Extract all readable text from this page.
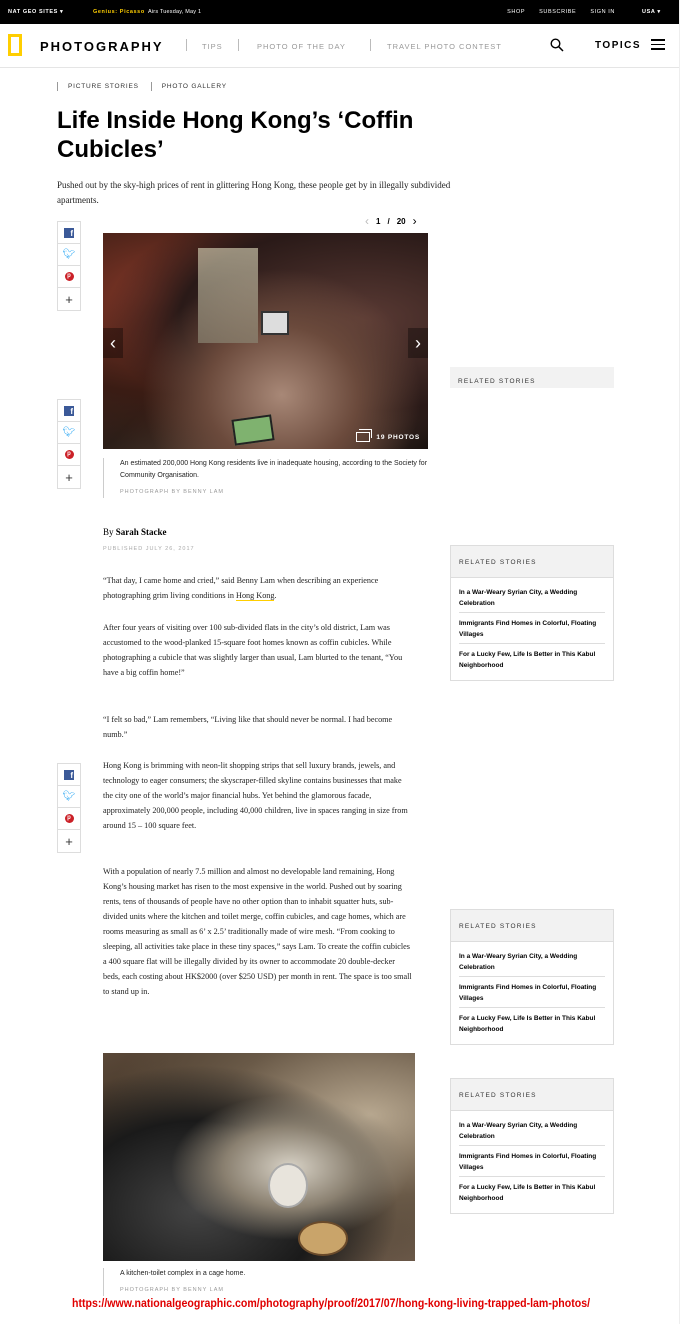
NAT GEO SITES ▾	Genius: Picasso Airs Tuesday, May 1	SHOP	SUBSCRIBE	SIGN IN	USA ▾
PHOTOGRAPHY	TIPS	PHOTO OF THE DAY	TRAVEL PHOTO CONTEST	TOPICS
PICTURE STORIES	PHOTO GALLERY
Life Inside Hong Kong’s ‘Coffin Cubicles’

Pushed out by the sky-high prices of rent in glittering Hong Kong, these people get by in illegally subdivided apartments.

‹ 1 / 20 ›
f
🐦︎
p
+
f
🐦︎
p
+
f
🐦︎
p
+
‹	›
19 PHOTOS

An estimated 200,000 Hong Kong residents live in inadequate housing, according to the Society for Community Organisation.

PHOTOGRAPH BY BENNY LAM

RELATED STORIES
By Sarah Stacke
PUBLISHED JULY 26, 2017

“That day, I came home and cried,” said Benny Lam when describing an experience photographing grim living conditions in Hong Kong.

After four years of visiting over 100 sub-divided flats in the city’s old district, Lam was accustomed to the wood-planked 15-square foot homes known as coffin cubicles. While photographing a cubicle that was slightly larger than usual, Lam blurted to the tenant, “You have a big coffin home!”

“I felt so bad,” Lam remembers, “Living like that should never be normal. I had become numb.”

Hong Kong is brimming with neon-lit shopping strips that sell luxury brands, jewels, and technology to eager consumers; the skyscraper-filled skyline contains businesses that make the city one of the world’s major financial hubs. Yet behind the glamorous facade, approximately 200,000 people, including 40,000 children, live in spaces ranging in size from around 15 – 100 square feet.

With a population of nearly 7.5 million and almost no developable land remaining, Hong Kong’s housing market has risen to the most expensive in the world. Pushed out by soaring rents, tens of thousands of people have no other option than to inhabit squatter huts, sub-divided units where the kitchen and toilet merge, coffin cubicles, and cage homes, which are rooms measuring as small as 6’ x 2.5’ traditionally made of wire mesh. “From cooking to sleeping, all activities take place in these tiny spaces,” says Lam. To create the coffin cubicles a 400 square flat will be illegally divided by its owner to accommodate 20 double-decker beds, each costing about HK$2000 (over $250 USD) per month in rent. The space is too small to stand up in.

A kitchen-toilet complex in a cage home.

PHOTOGRAPH BY BENNY LAM

RELATED STORIES
In a War-Weary Syrian City, a Wedding Celebration
Immigrants Find Homes in Colorful, Floating Villages
For a Lucky Few, Life Is Better in This Kabul Neighborhood
RELATED STORIES
In a War-Weary Syrian City, a Wedding Celebration
Immigrants Find Homes in Colorful, Floating Villages
For a Lucky Few, Life Is Better in This Kabul Neighborhood
RELATED STORIES
In a War-Weary Syrian City, a Wedding Celebration
Immigrants Find Homes in Colorful, Floating Villages
For a Lucky Few, Life Is Better in This Kabul Neighborhood
https://www.nationalgeographic.com/photography/proof/2017/07/hong-kong-living-trapped-lam-photos/
